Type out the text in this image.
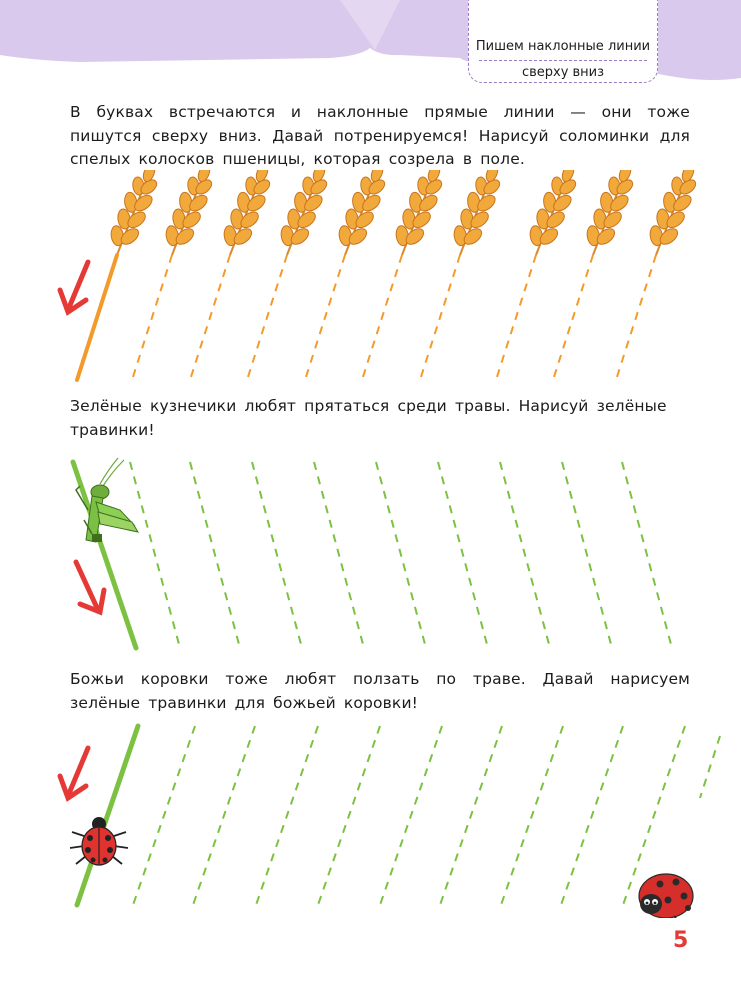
Пишем наклонные линии
сверху вниз
В буквах встречаются и наклонные прямые линии — они тоже пишутся сверху вниз. Давай потренируемся! Нарисуй соломинки для спелых колосков пшеницы, которая созрела в поле.
Зелёные кузнечики любят прятаться среди травы. Нарисуй зелёные травинки!
Божьи коровки тоже любят ползать по траве. Давай нарисуем зелёные травинки для божьей коровки!
5
